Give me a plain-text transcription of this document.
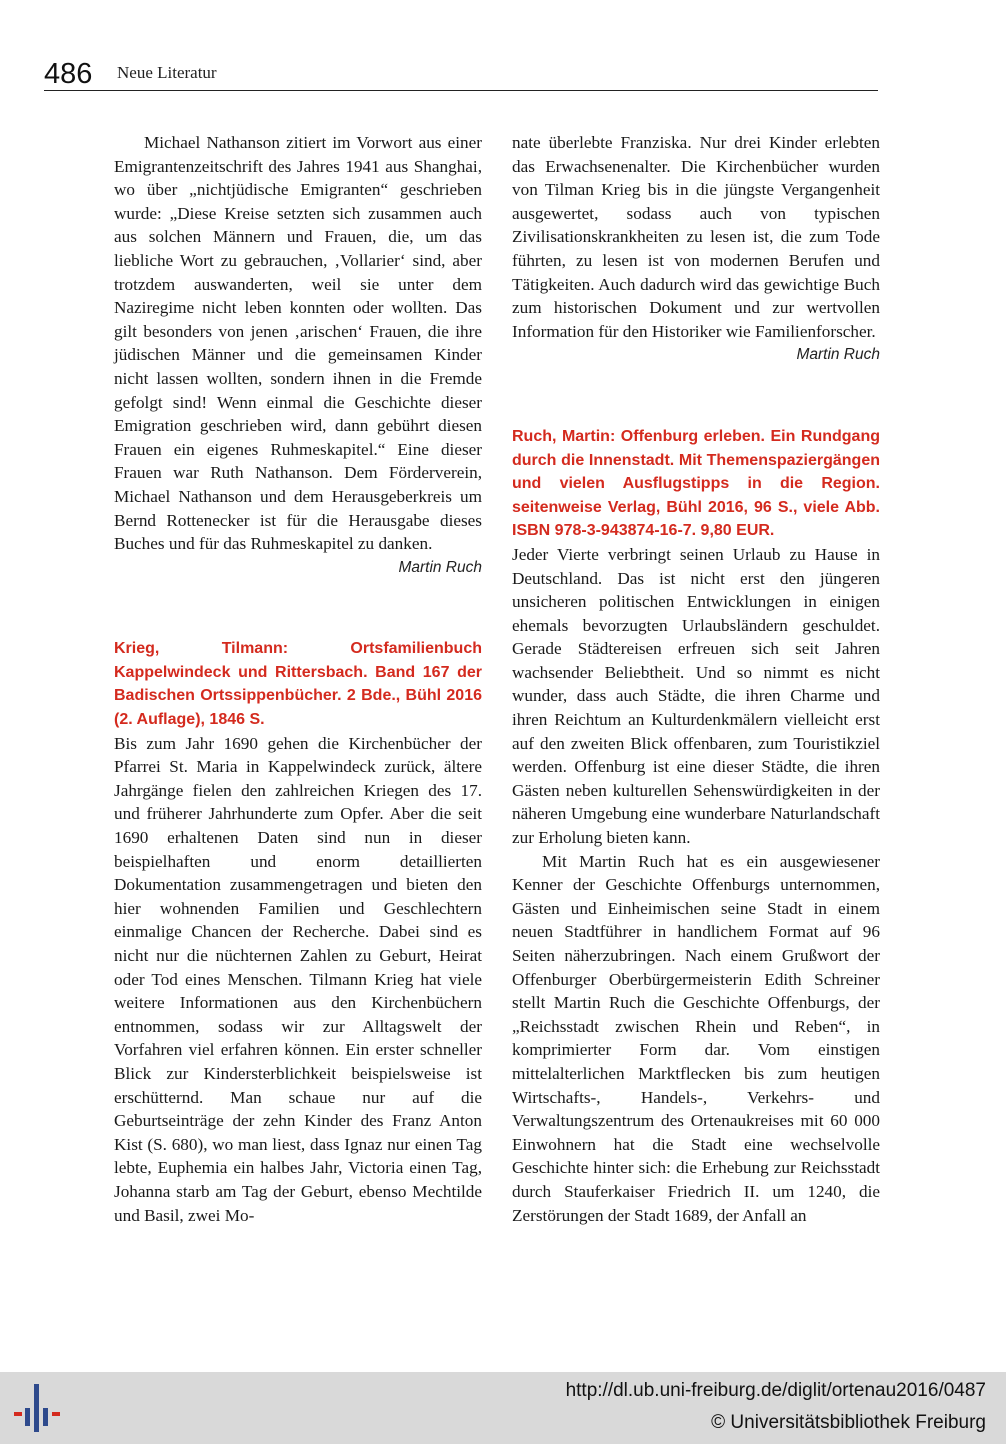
486 Neue Literatur

Michael Nathanson zitiert im Vorwort aus einer Emigrantenzeitschrift des Jahres 1941 aus Shanghai, wo über „nichtjüdische Emigranten“ geschrieben wurde: „Diese Kreise setzten sich zusammen auch aus solchen Männern und Frauen, die, um das liebliche Wort zu gebrauchen, ‚Vollarier‘ sind, aber trotzdem auswanderten, weil sie unter dem Naziregime nicht leben konnten oder wollten. Das gilt besonders von jenen ‚arischen‘ Frauen, die ihre jüdischen Männer und die gemeinsamen Kinder nicht lassen wollten, sondern ihnen in die Fremde gefolgt sind! Wenn einmal die Geschichte dieser Emigration geschrieben wird, dann gebührt diesen Frauen ein eigenes Ruhmeskapitel.“ Eine dieser Frauen war Ruth Nathanson. Dem Förderverein, Michael Nathanson und dem Herausgeberkreis um Bernd Rottenecker ist für die Herausgabe dieses Buches und für das Ruhmeskapitel zu danken.

Martin Ruch

Krieg, Tilmann: Ortsfamilienbuch Kappelwindeck und Rittersbach. Band 167 der Badischen Ortssippenbücher. 2 Bde., Bühl 2016 (2. Auflage), 1846 S.

Bis zum Jahr 1690 gehen die Kirchenbücher der Pfarrei St. Maria in Kappelwindeck zurück, ältere Jahrgänge fielen den zahlreichen Kriegen des 17. und früherer Jahrhunderte zum Opfer. Aber die seit 1690 erhaltenen Daten sind nun in dieser beispielhaften und enorm detaillierten Dokumentation zusammengetragen und bieten den hier wohnenden Familien und Geschlechtern einmalige Chancen der Recherche. Dabei sind es nicht nur die nüchternen Zahlen zu Geburt, Heirat oder Tod eines Menschen. Tilmann Krieg hat viele weitere Informationen aus den Kirchenbüchern entnommen, sodass wir zur Alltagswelt der Vorfahren viel erfahren können. Ein erster schneller Blick zur Kindersterblichkeit beispielsweise ist erschütternd. Man schaue nur auf die Geburtseinträge der zehn Kinder des Franz Anton Kist (S. 680), wo man liest, dass Ignaz nur einen Tag lebte, Euphemia ein halbes Jahr, Victoria einen Tag, Johanna starb am Tag der Geburt, ebenso Mechtilde und Basil, zwei Mo-

nate überlebte Franziska. Nur drei Kinder erlebten das Erwachsenenalter. Die Kirchenbücher wurden von Tilman Krieg bis in die jüngste Vergangenheit ausgewertet, sodass auch von typischen Zivilisationskrankheiten zu lesen ist, die zum Tode führten, zu lesen ist von modernen Berufen und Tätigkeiten. Auch dadurch wird das gewichtige Buch zum historischen Dokument und zur wertvollen Information für den Historiker wie Familienforscher.

Martin Ruch

Ruch, Martin: Offenburg erleben. Ein Rundgang durch die Innenstadt. Mit Themenspaziergängen und vielen Ausflugstipps in die Region. seitenweise Verlag, Bühl 2016, 96 S., viele Abb. ISBN 978-3-943874-16-7. 9,80 EUR.

Jeder Vierte verbringt seinen Urlaub zu Hause in Deutschland. Das ist nicht erst den jüngeren unsicheren politischen Entwicklungen in einigen ehemals bevorzugten Urlaubsländern geschuldet. Gerade Städtereisen erfreuen sich seit Jahren wachsender Beliebtheit. Und so nimmt es nicht wunder, dass auch Städte, die ihren Charme und ihren Reichtum an Kulturdenkmälern vielleicht erst auf den zweiten Blick offenbaren, zum Touristikziel werden. Offenburg ist eine dieser Städte, die ihren Gästen neben kulturellen Sehenswürdigkeiten in der näheren Umgebung eine wunderbare Naturlandschaft zur Erholung bieten kann.

Mit Martin Ruch hat es ein ausgewiesener Kenner der Geschichte Offenburgs unternommen, Gästen und Einheimischen seine Stadt in einem neuen Stadtführer in handlichem Format auf 96 Seiten näherzubringen. Nach einem Grußwort der Offenburger Oberbürgermeisterin Edith Schreiner stellt Martin Ruch die Geschichte Offenburgs, der „Reichsstadt zwischen Rhein und Reben“, in komprimierter Form dar. Vom einstigen mittelalterlichen Marktflecken bis zum heutigen Wirtschafts-, Handels-, Verkehrs- und Verwaltungszentrum des Ortenaukreises mit 60 000 Einwohnern hat die Stadt eine wechselvolle Geschichte hinter sich: die Erhebung zur Reichsstadt durch Stauferkaiser Friedrich II. um 1240, die Zerstörungen der Stadt 1689, der Anfall an

http://dl.ub.uni-freiburg.de/diglit/ortenau2016/0487
© Universitätsbibliothek Freiburg
